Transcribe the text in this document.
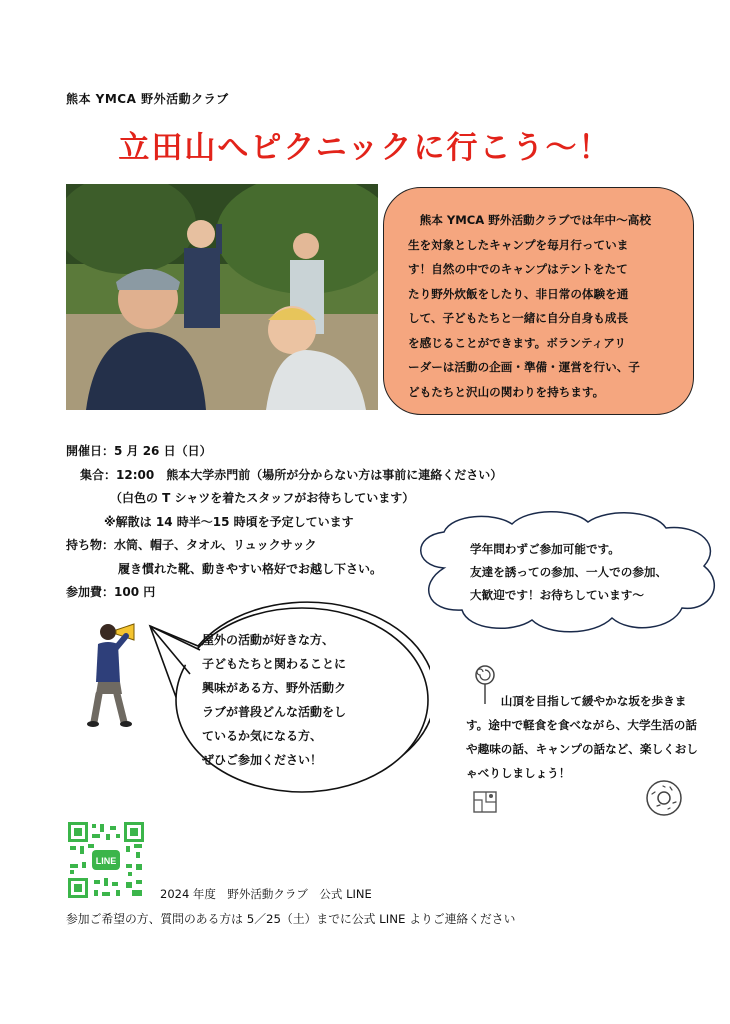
熊本 YMCA 野外活動クラブ
立田山へピクニックに行こう～！
熊本 YMCA 野外活動クラブでは年中～高校
生を対象としたキャンプを毎月行っていま
す！自然の中でのキャンプはテントをたて
たり野外炊飯をしたり、非日常の体験を通
して、子どもたちと一緒に自分自身も成長
を感じることができます。ボランティアリ
ーダーは活動の企画・準備・運営を行い、子
どもたちと沢山の関わりを持ちます。
開催日：5 月 26 日（日）
集合：12:00　熊本大学赤門前（場所が分からない方は事前に連絡ください）
（白色の T シャツを着たスタッフがお待ちしています）
※解散は 14 時半～15 時頃を予定しています
持ち物：水筒、帽子、タオル、リュックサック
履き慣れた靴、動きやすい格好でお越し下さい。
参加費：100 円
学年問わずご参加可能です。
友達を誘っての参加、一人での参加、
大歓迎です！お待ちしています～
屋外の活動が好きな方、
子どもたちと関わることに
興味がある方、野外活動ク
ラブが普段どんな活動をし
ているか気になる方、
ぜひご参加ください！
山頂を目指して緩やかな坂を歩きます。途中で軽食を食べながら、大学生活の話や趣味の話、キャンプの話など、楽しくおしゃべりしましょう！
LINE
2024 年度　野外活動クラブ　公式 LINE
参加ご希望の方、質問のある方は 5／25（土）までに公式 LINE よりご連絡ください
